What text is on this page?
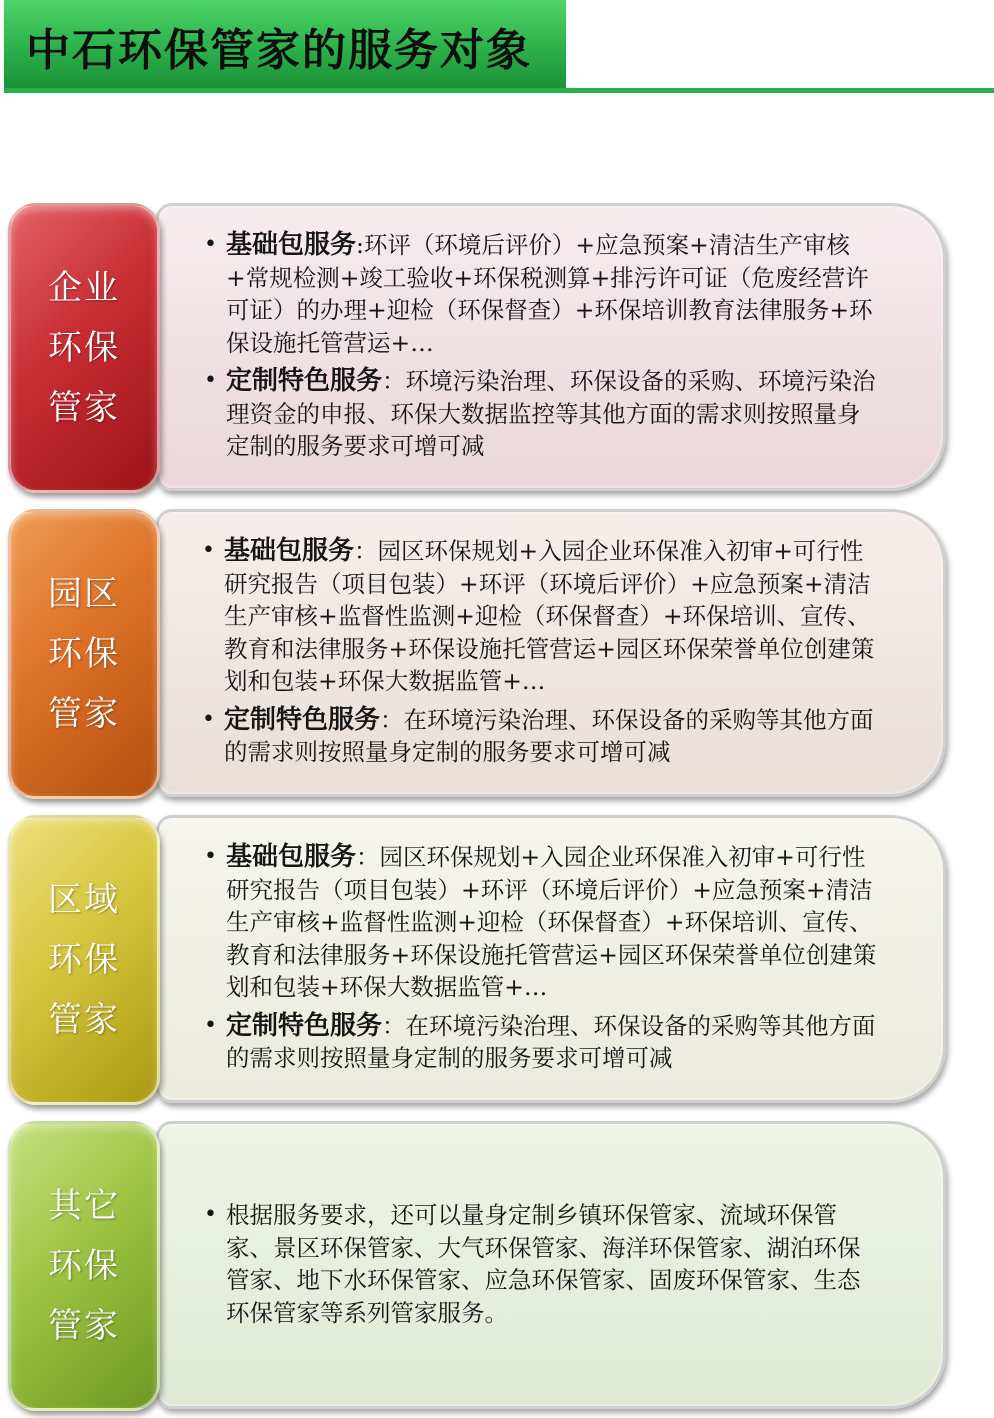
中石环保管家的服务对象
企业
环保
管家
• 基础包服务:环评（环境后评价）+应急预案+清洁生产审核+常规检测+竣工验收+环保税测算+排污许可证（危废经营许可证）的办理+迎检（环保督查）+环保培训教育法律服务+环保设施托管营运+…
• 定制特色服务：环境污染治理、环保设备的采购、环境污染治理资金的申报、环保大数据监控等其他方面的需求则按照量身定制的服务要求可增可减
园区
环保
管家
• 基础包服务：园区环保规划+入园企业环保准入初审+可行性研究报告（项目包装）+环评（环境后评价）+应急预案+清洁生产审核+监督性监测+迎检（环保督查）+环保培训、宣传、教育和法律服务+环保设施托管营运+园区环保荣誉单位创建策划和包装+环保大数据监管+…
• 定制特色服务：在环境污染治理、环保设备的采购等其他方面的需求则按照量身定制的服务要求可增可减
区域
环保
管家
• 基础包服务：园区环保规划+入园企业环保准入初审+可行性研究报告（项目包装）+环评（环境后评价）+应急预案+清洁生产审核+监督性监测+迎检（环保督查）+环保培训、宣传、教育和法律服务+环保设施托管营运+园区环保荣誉单位创建策划和包装+环保大数据监管+…
• 定制特色服务：在环境污染治理、环保设备的采购等其他方面的需求则按照量身定制的服务要求可增可减
其它
环保
管家
• 根据服务要求，还可以量身定制乡镇环保管家、流域环保管家、景区环保管家、大气环保管家、海洋环保管家、湖泊环保管家、地下水环保管家、应急环保管家、固废环保管家、生态环保管家等系列管家服务。
